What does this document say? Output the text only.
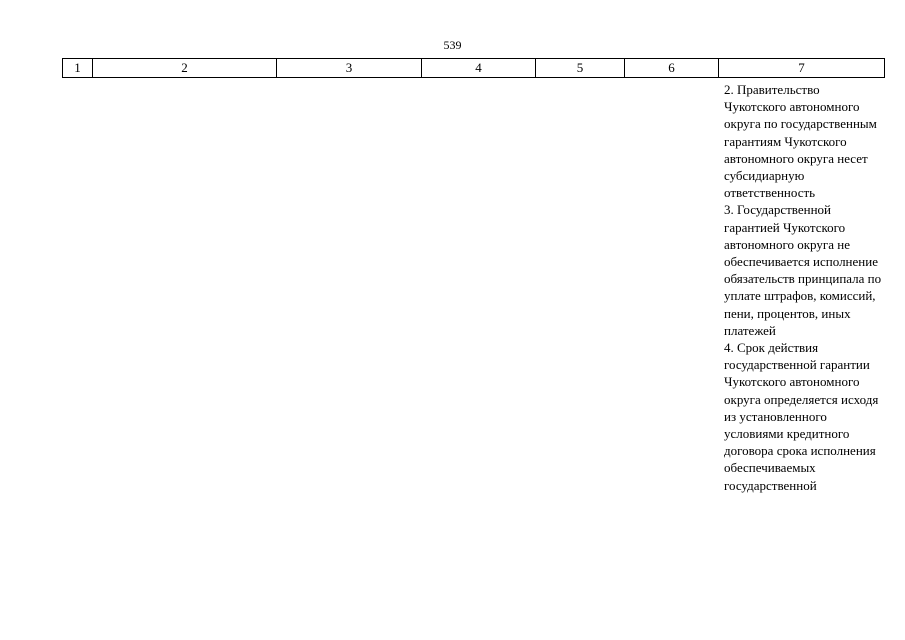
539
1	2	3	4	5	6	7

2. Правительство Чукотского автономного округа по государственным гарантиям Чукотского автономного округа несет субсидиарную ответственность

3. Государственной гарантией Чукотского автономного округа не обеспечивается исполнение обязательств принципала по уплате штрафов, комиссий, пени, процентов, иных платежей

4. Срок действия государственной гарантии Чукотского автономного округа определяется исходя из установленного условиями кредитного договора срока исполнения обеспечиваемых государственной
